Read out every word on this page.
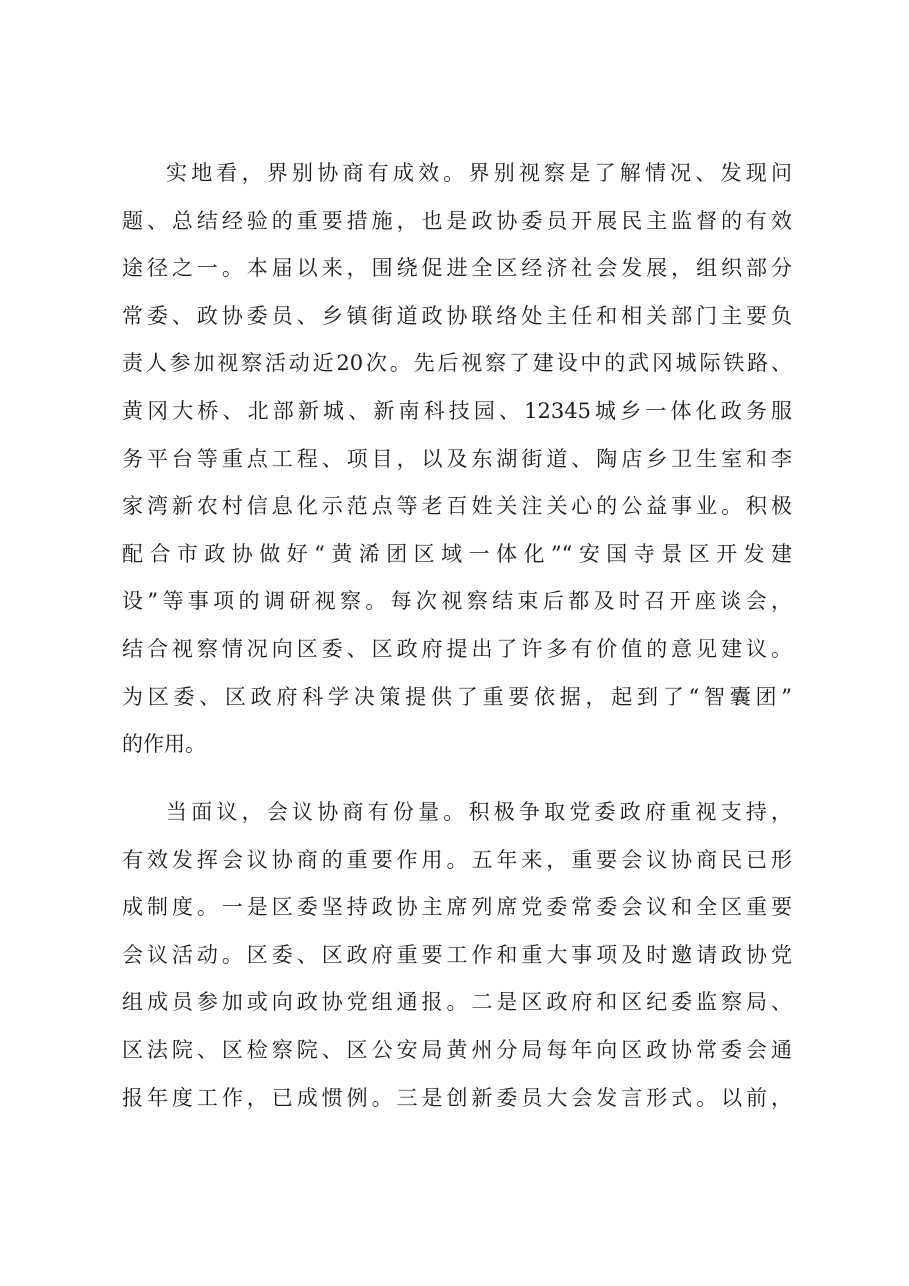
实地看，界别协商有成效。界别视察是了解情况、发现问
题、总结经验的重要措施，也是政协委员开展民主监督的有效
途径之一。本届以来，围绕促进全区经济社会发展，组织部分
常委、政协委员、乡镇街道政协联络处主任和相关部门主要负
责人参加视察活动近20次。先后视察了建设中的武冈城际铁路、
黄冈大桥、北部新城、新南科技园、12345城乡一体化政务服
务平台等重点工程、项目，以及东湖街道、陶店乡卫生室和李
家湾新农村信息化示范点等老百姓关注关心的公益事业。积极
配合市政协做好“黄浠团区域一体化”“安国寺景区开发建
设”等事项的调研视察。每次视察结束后都及时召开座谈会，
结合视察情况向区委、区政府提出了许多有价值的意见建议。
为区委、区政府科学决策提供了重要依据，起到了“智囊团”
的作用。
当面议，会议协商有份量。积极争取党委政府重视支持，
有效发挥会议协商的重要作用。五年来，重要会议协商民已形
成制度。一是区委坚持政协主席列席党委常委会议和全区重要
会议活动。区委、区政府重要工作和重大事项及时邀请政协党
组成员参加或向政协党组通报。二是区政府和区纪委监察局、
区法院、区检察院、区公安局黄州分局每年向区政协常委会通
报年度工作，已成惯例。三是创新委员大会发言形式。以前，
